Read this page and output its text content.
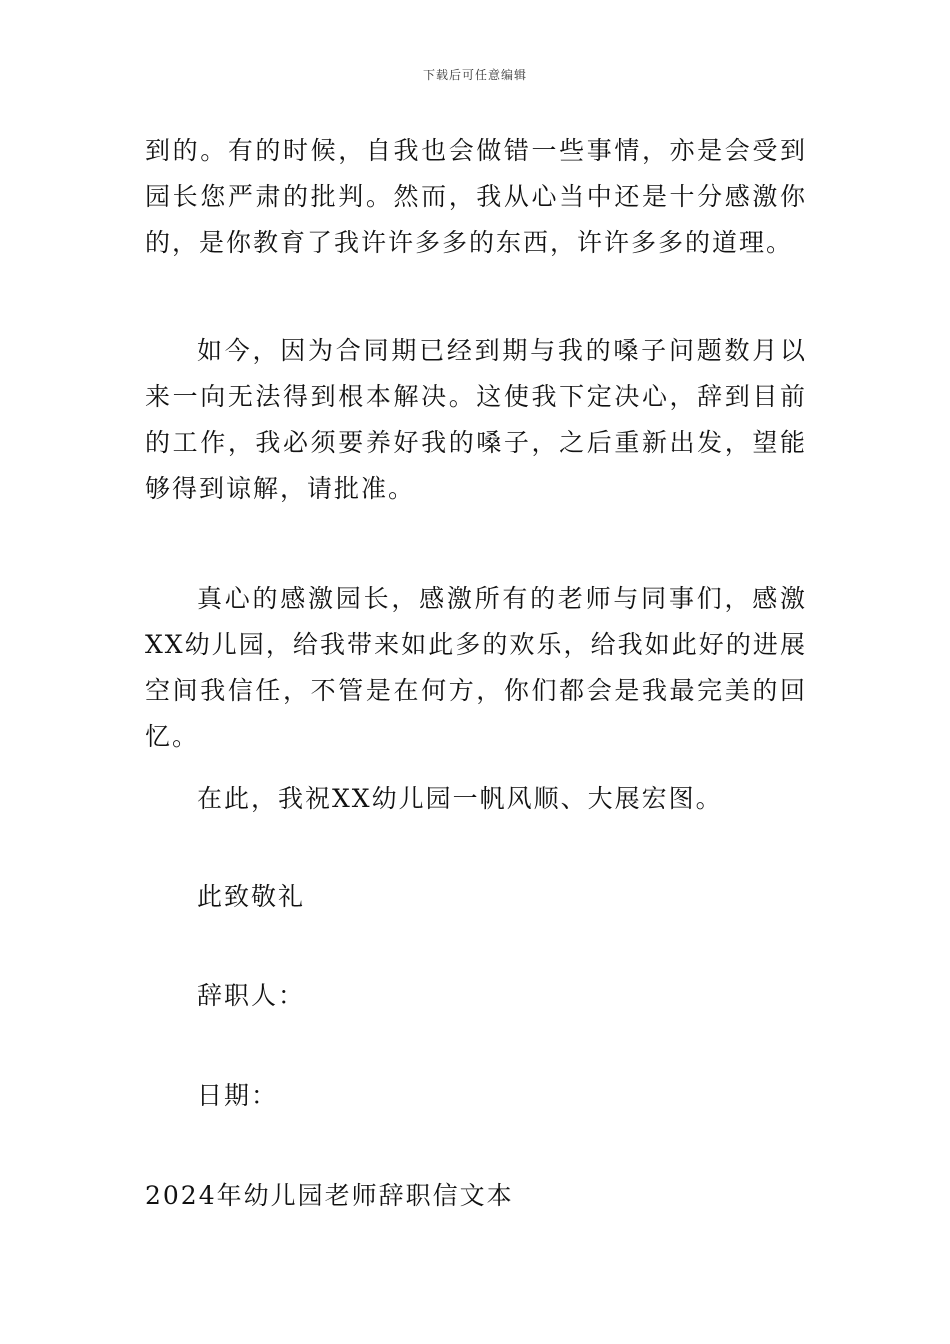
下载后可任意编辑

到的。有的时候，自我也会做错一些事情，亦是会受到园长您严肃的批判。然而，我从心当中还是十分感激你的，是你教育了我许许多多的东西，许许多多的道理。

如今，因为合同期已经到期与我的嗓子问题数月以来一向无法得到根本解决。这使我下定决心，辞到目前的工作，我必须要养好我的嗓子，之后重新出发，望能够得到谅解，请批准。

真心的感激园长，感激所有的老师与同事们，感激XX幼儿园，给我带来如此多的欢乐，给我如此好的进展空间我信任，不管是在何方，你们都会是我最完美的回忆。

在此，我祝XX幼儿园一帆风顺、大展宏图。

此致敬礼

辞职人：

日期：

2024年幼儿园老师辞职信文本
